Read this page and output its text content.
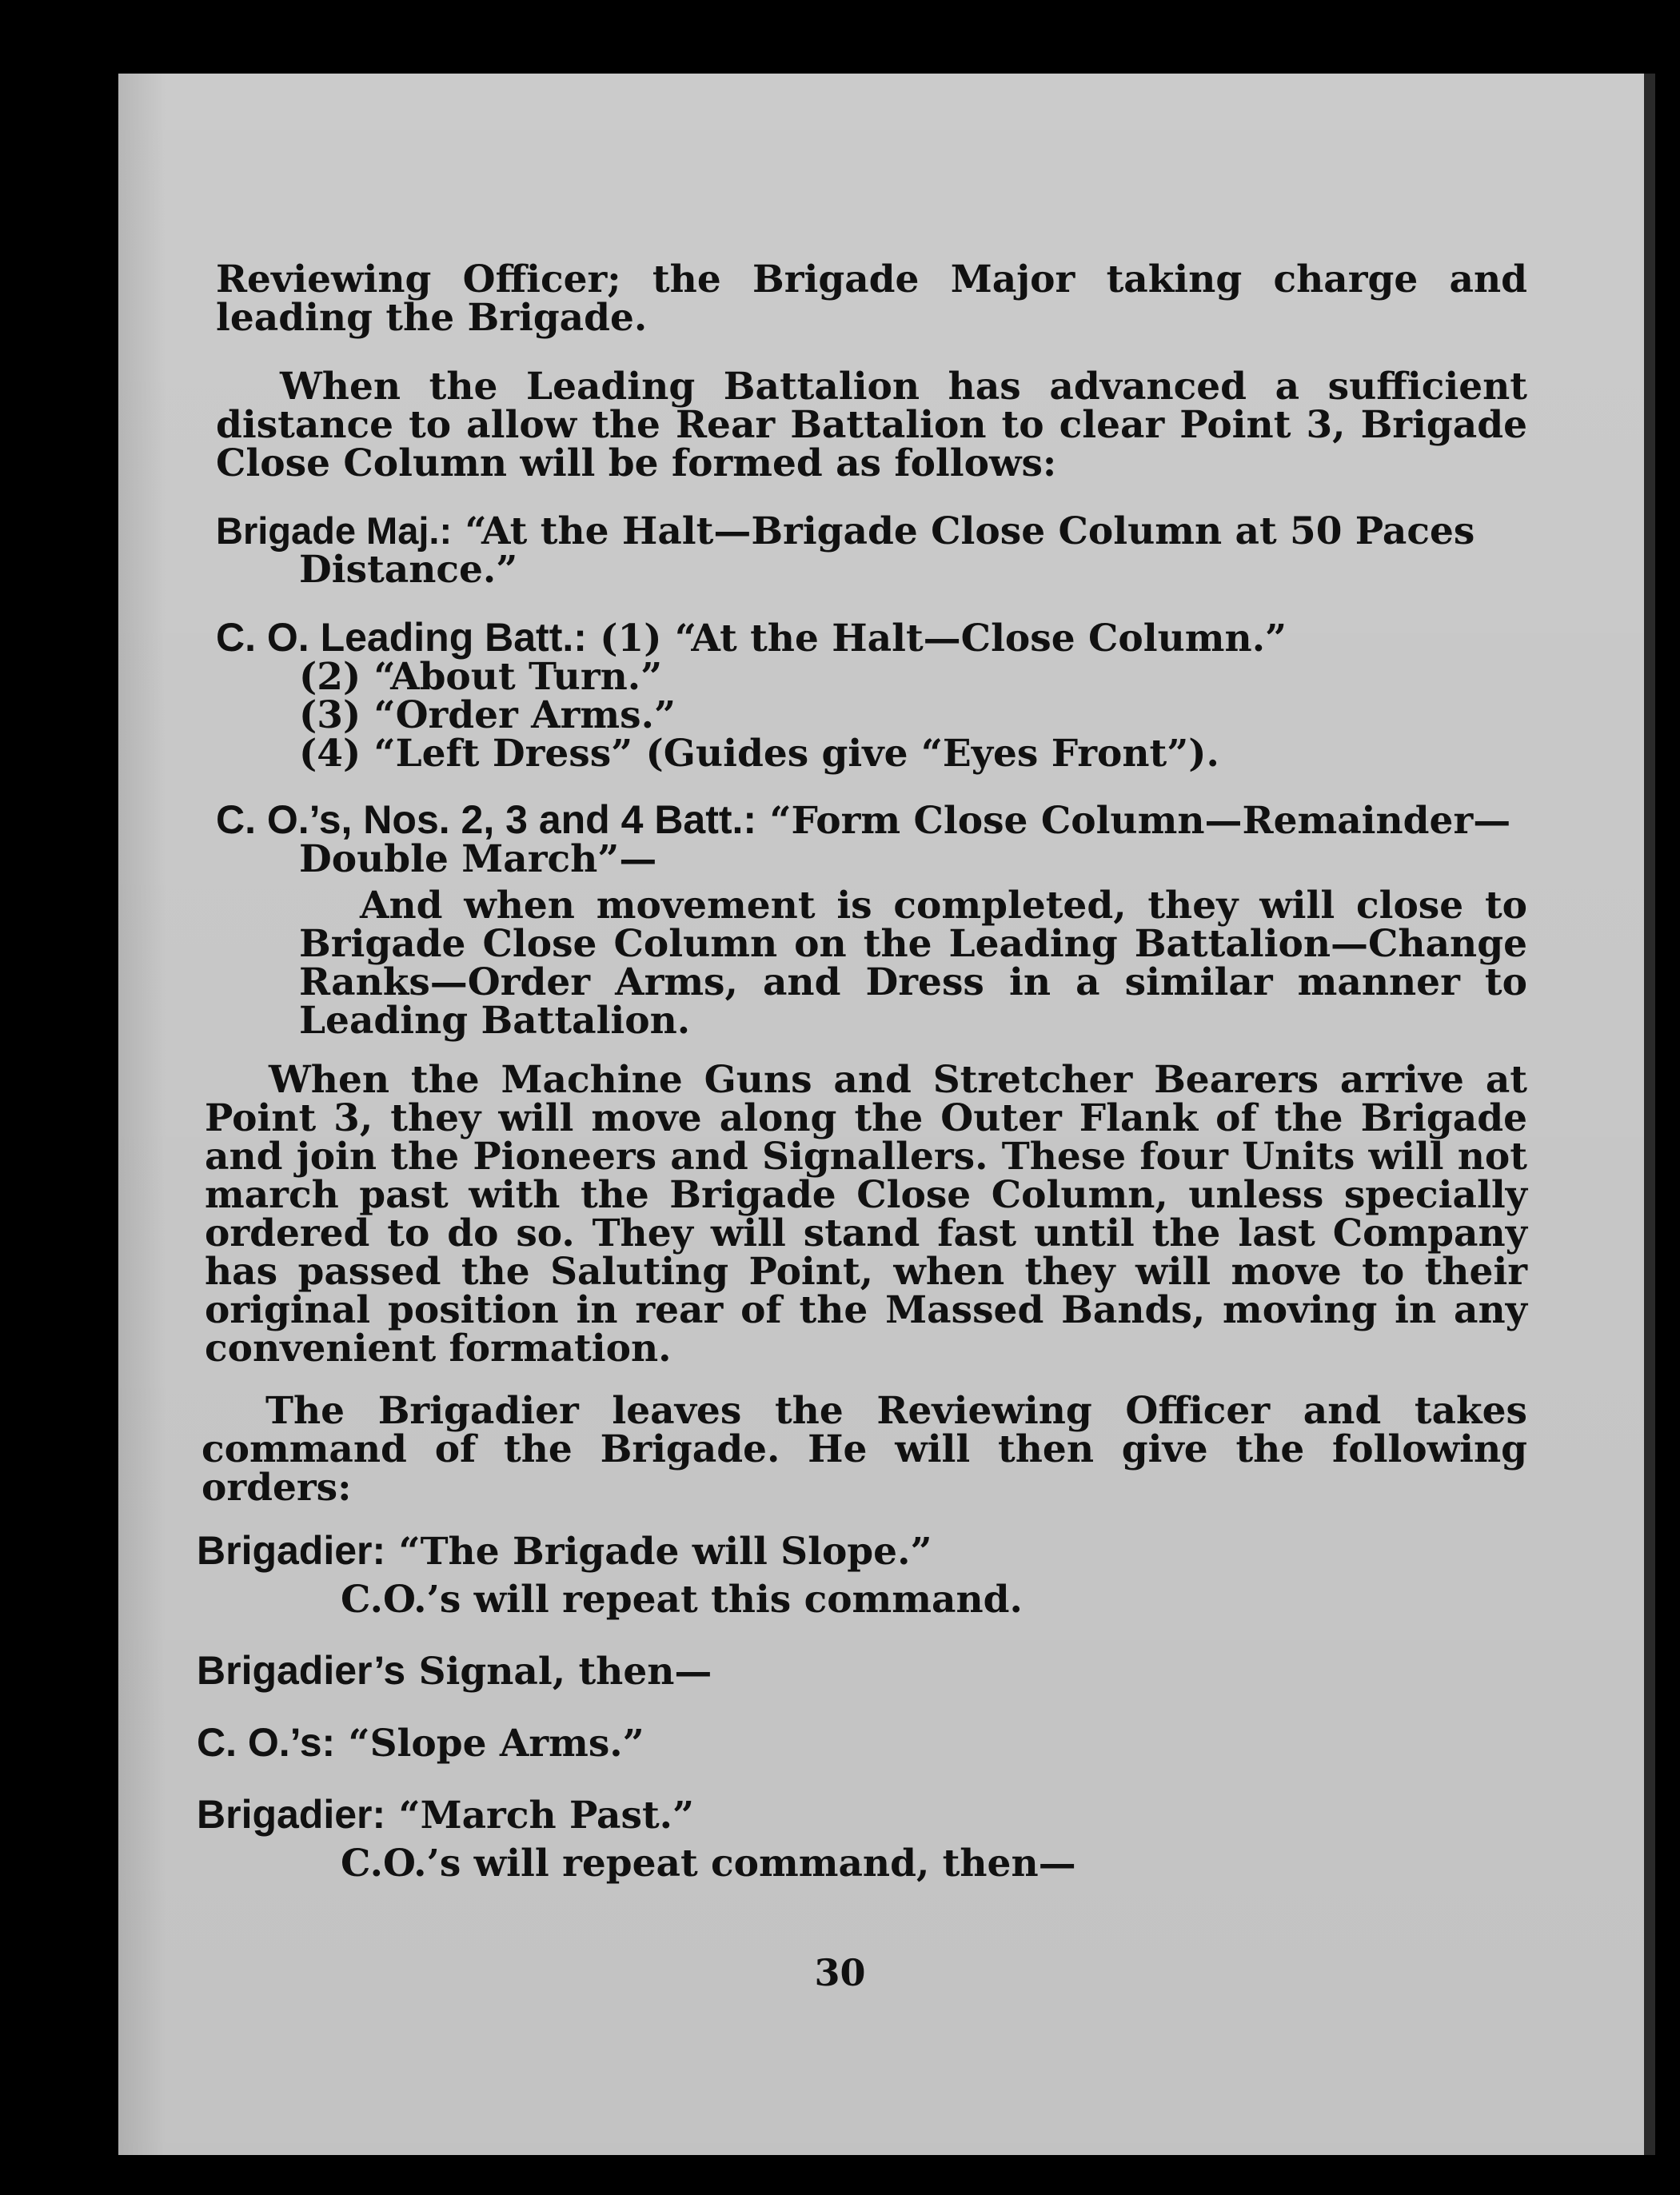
Reviewing Officer; the Brigade Major taking charge and leading the Brigade.

When the Leading Battalion has advanced a sufficient distance to allow the Rear Battalion to clear Point 3, Brigade Close Column will be formed as follows:

Brigade Maj.: “At the Halt—Brigade Close Column at 50 Paces Distance.”
C. O. Leading Batt.: (1) “At the Halt—Close Column.”
(2) “About Turn.”
(3) “Order Arms.”
(4) “Left Dress” (Guides give “Eyes Front”).
C. O.’s, Nos. 2, 3 and 4 Batt.: “Form Close Column—Remainder—Double March”—

And when movement is completed, they will close to Brigade Close Column on the Leading Battalion—Change Ranks—Order Arms, and Dress in a similar manner to Leading Battalion.

When the Machine Guns and Stretcher Bearers arrive at Point 3, they will move along the Outer Flank of the Brigade and join the Pioneers and Signallers. These four Units will not march past with the Brigade Close Column, unless specially ordered to do so. They will stand fast until the last Company has passed the Saluting Point, when they will move to their original position in rear of the Massed Bands, moving in any convenient formation.

The Brigadier leaves the Reviewing Officer and takes command of the Brigade. He will then give the following orders:

Brigadier: “The Brigade will Slope.”
C.O.’s will repeat this command.
Brigadier’s Signal, then—
C. O.’s: “Slope Arms.”
Brigadier: “March Past.”
C.O.’s will repeat command, then—
30
